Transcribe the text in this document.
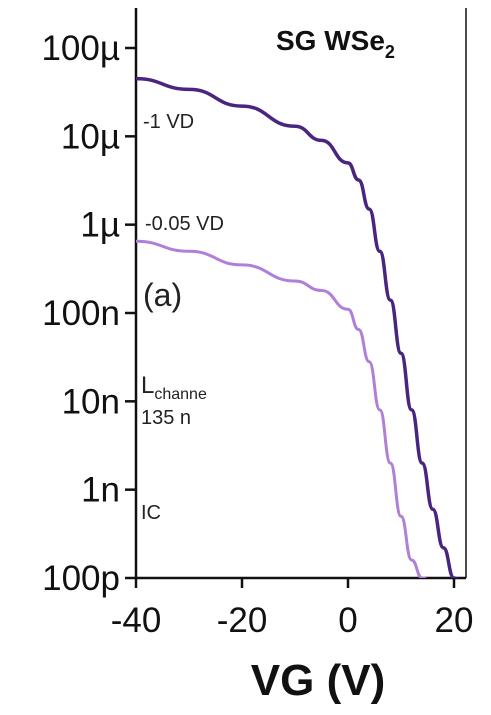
100µ
10µ
1µ
100n
10n
1n
100p
-40 -20 0 20
SG WSe$_2$
-1 VD
-0.05 VD
(a)
$L_{channe}$
135 n
IC
VG (V)
